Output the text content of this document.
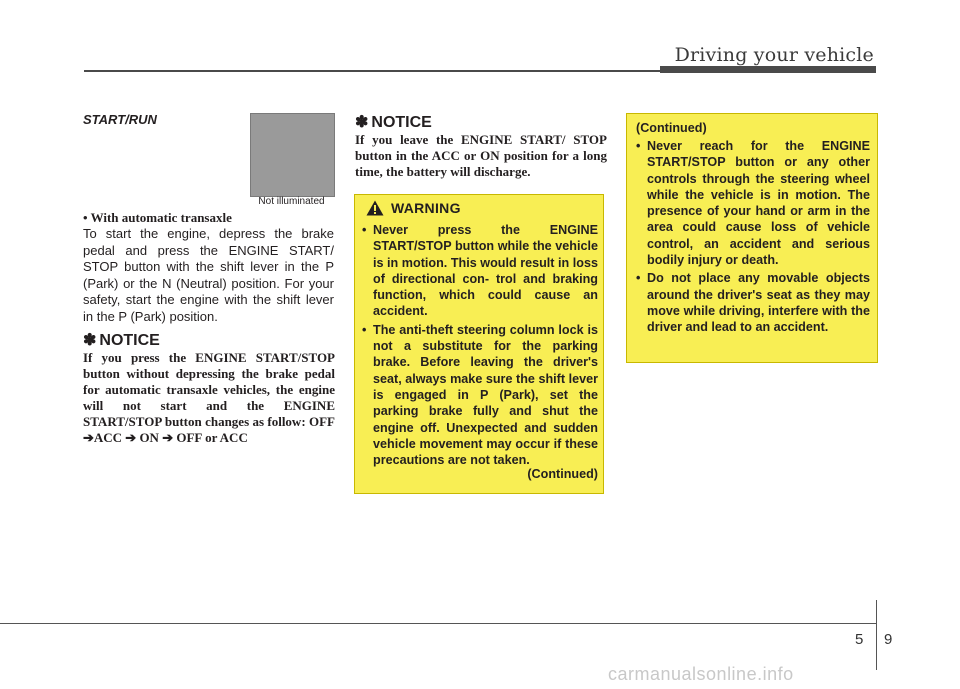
Driving your vehicle
START/RUN
Not illuminated
• With automatic transaxle
To start the engine, depress the brake pedal and press the ENGINE START/ STOP button with the shift lever in the P (Park) or the N (Neutral) position. For your safety, start the engine with the shift lever in the P (Park) position.
✽ NOTICE
If you press the ENGINE START/STOP button without depressing the brake pedal for automatic transaxle vehicles, the engine will not start and the ENGINE START/STOP button changes as follow: OFF ➔ACC ➔ ON ➔ OFF or ACC
✽ NOTICE
If you leave the ENGINE START/ STOP button in the ACC or ON position for a long time, the battery will discharge.
WARNING
• Never press the ENGINE START/STOP button while the vehicle is in motion. This would result in loss of directional con- trol and braking function, which could cause an accident.
• The anti-theft steering column lock is not a substitute for the parking brake. Before leaving the driver's seat, always make sure the shift lever is engaged in P (Park), set the parking brake fully and shut the engine off. Unexpected and sudden vehicle movement may occur if these precautions are not taken.
(Continued)
(Continued)
• Never reach for the ENGINE START/STOP button or any other controls through the steering wheel while the vehicle is in motion. The presence of your hand or arm in the area could cause loss of vehicle control, an accident and serious bodily injury or death.
• Do not place any movable objects around the driver's seat as they may move while driving, interfere with the driver and lead to an accident.
5 9
carmanualsonline.info
